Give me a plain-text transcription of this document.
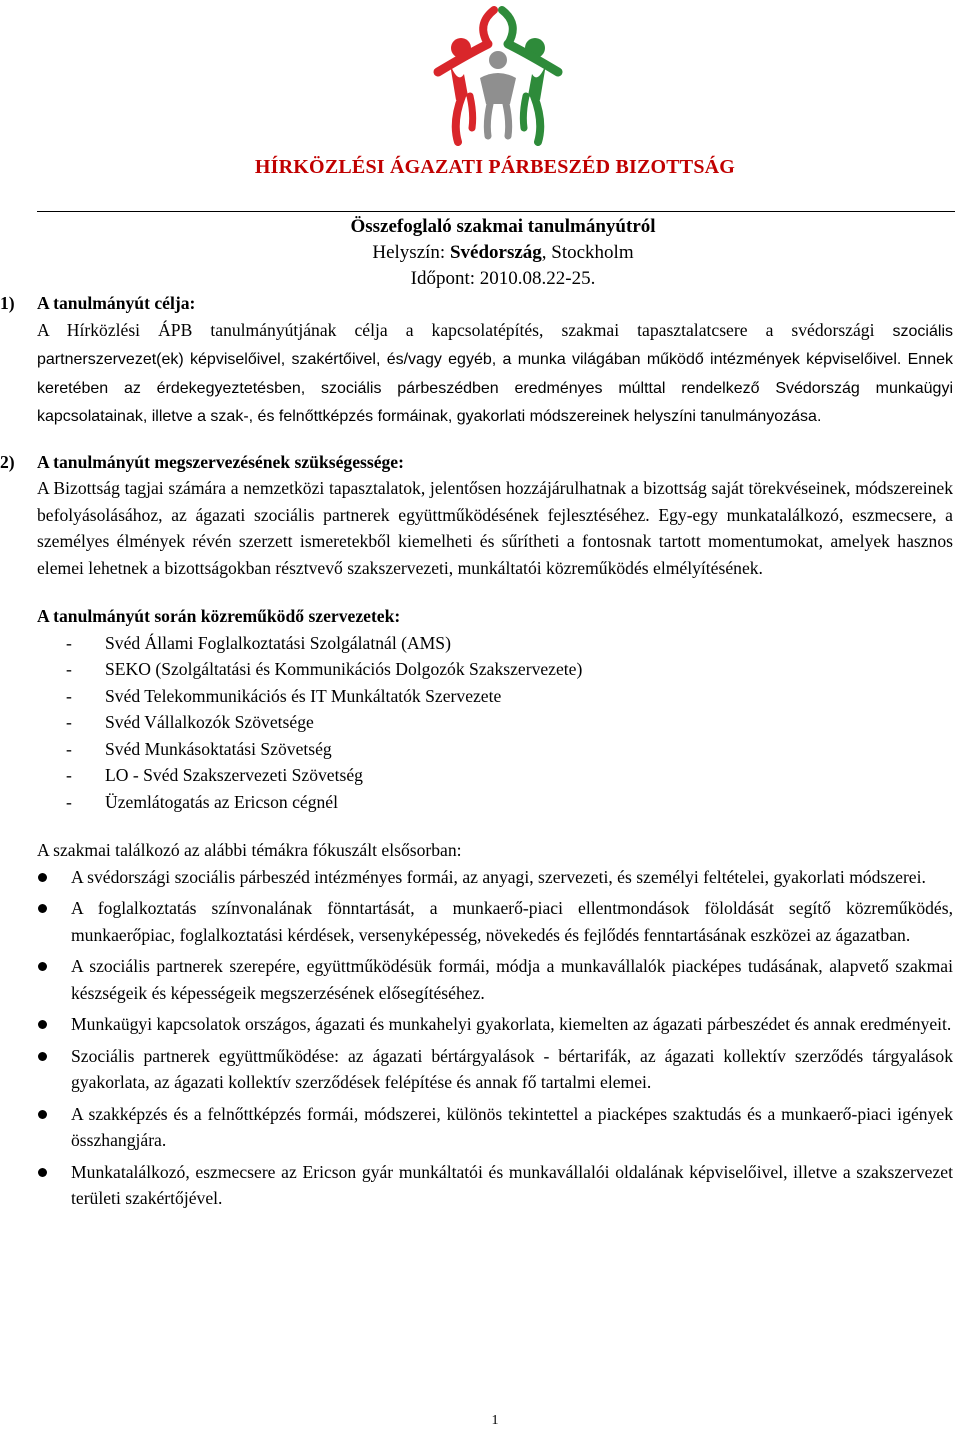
HÍRKÖZLÉSI ÁGAZATI PÁRBESZÉD BIZOTTSÁG
Összefoglaló szakmai tanulmányútról
Helyszín: Svédország, Stockholm
Időpont: 2010.08.22-25.

1) A tanulmányút célja:

A Hírközlési ÁPB tanulmányútjának célja a kapcsolatépítés, szakmai tapasztalatcsere a svédországi szociális partnerszervezet(ek) képviselőivel, szakértőivel, és/vagy egyéb, a munka világában működő intézmények képviselőivel. Ennek keretében az érdekegyeztetésben, szociális párbeszédben eredményes múlttal rendelkező Svédország munkaügyi kapcsolatainak, illetve a szak-, és felnőttképzés formáinak, gyakorlati módszereinek helyszíni tanulmányozása.

2) A tanulmányút megszervezésének szükségessége:

A Bizottság tagjai számára a nemzetközi tapasztalatok, jelentősen hozzájárulhatnak a bizottság saját törekvéseinek, módszereinek befolyásolásához, az ágazati szociális partnerek együttműködésének fejlesztéséhez. Egy-egy munkatalálkozó, eszmecsere, a személyes élmények révén szerzett ismeretekből kiemelheti és sűrítheti a fontosnak tartott momentumokat, amelyek hasznos elemei lehetnek a bizottságokban résztvevő szakszervezeti, munkáltatói közreműködés elmélyítésének.

A tanulmányút során közreműködő szervezetek:

- Svéd Állami Foglalkoztatási Szolgálatnál (AMS)
- SEKO (Szolgáltatási és Kommunikációs Dolgozók Szakszervezete)
- Svéd Telekommunikációs és IT Munkáltatók Szervezete
- Svéd Vállalkozók Szövetsége
- Svéd Munkásoktatási Szövetség
- LO - Svéd Szakszervezeti Szövetség
- Üzemlátogatás az Ericson cégnél

A szakmai találkozó az alábbi témákra fókuszált elsősorban:

A svédországi szociális párbeszéd intézményes formái, az anyagi, szervezeti, és személyi feltételei, gyakorlati módszerei.
A foglalkoztatás színvonalának fönntartását, a munkaerő-piaci ellentmondások föloldását segítő közreműködés, munkaerőpiac, foglalkoztatási kérdések, versenyképesség, növekedés és fejlődés fenntartásának eszközei az ágazatban.
A szociális partnerek szerepére, együttműködésük formái, módja a munkavállalók piacképes tudásának, alapvető szakmai készségeik és képességeik megszerzésének elősegítéséhez.
Munkaügyi kapcsolatok országos, ágazati és munkahelyi gyakorlata, kiemelten az ágazati párbeszédet és annak eredményeit.
Szociális partnerek együttműködése: az ágazati bértárgyalások - bértarifák, az ágazati kollektív szerződés tárgyalások gyakorlata, az ágazati kollektív szerződések felépítése és annak fő tartalmi elemei.
A szakképzés és a felnőttképzés formái, módszerei, különös tekintettel a piacképes szaktudás és a munkaerő-piaci igények összhangjára.
Munkatalálkozó, eszmecsere az Ericson gyár munkáltatói és munkavállalói oldalának képviselőivel, illetve a szakszervezet területi szakértőjével.
1
